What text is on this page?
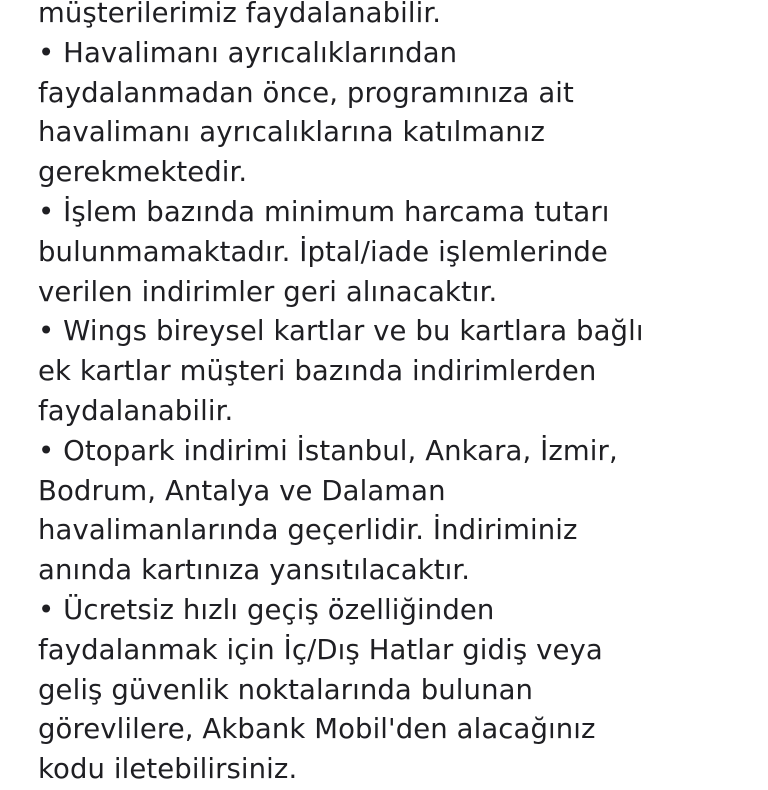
müşterilerimiz faydalanabilir.
• Havalimanı ayrıcalıklarından
faydalanmadan önce, programınıza ait
havalimanı ayrıcalıklarına katılmanız
gerekmektedir.
• İşlem bazında minimum harcama tutarı
bulunmamaktadır. İptal/iade işlemlerinde
verilen indirimler geri alınacaktır.
• Wings bireysel kartlar ve bu kartlara bağlı
ek kartlar müşteri bazında indirimlerden
faydalanabilir.
• Otopark indirimi İstanbul, Ankara, İzmir,
Bodrum, Antalya ve Dalaman
havalimanlarında geçerlidir. İndiriminiz
anında kartınıza yansıtılacaktır.
• Ücretsiz hızlı geçiş özelliğinden
faydalanmak için İç/Dış Hatlar gidiş veya
geliş güvenlik noktalarında bulunan
görevlilere, Akbank Mobil'den alacağınız
kodu iletebilirsiniz.
